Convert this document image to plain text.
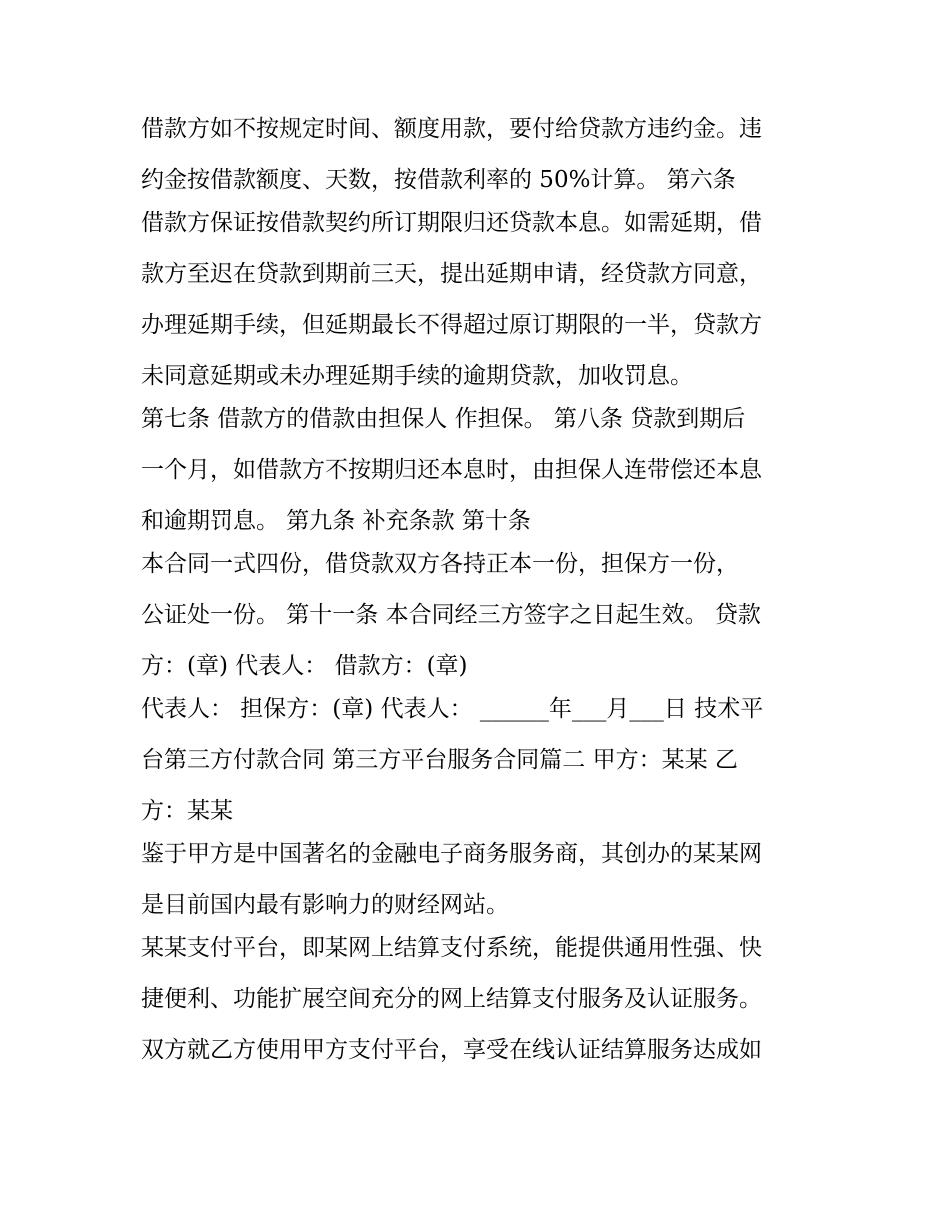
借款方如不按规定时间、额度用款，要付给贷款方违约金。违
约金按借款额度、天数，按借款利率的 50%计算。 第六条
借款方保证按借款契约所订期限归还贷款本息。如需延期，借
款方至迟在贷款到期前三天，提出延期申请，经贷款方同意，
办理延期手续，但延期最长不得超过原订期限的一半，贷款方
未同意延期或未办理延期手续的逾期贷款，加收罚息。
第七条 借款方的借款由担保人 作担保。 第八条 贷款到期后
一个月，如借款方不按期归还本息时，由担保人连带偿还本息
和逾期罚息。 第九条 补充条款 第十条
本合同一式四份，借贷款双方各持正本一份，担保方一份，
公证处一份。 第十一条 本合同经三方签字之日起生效。 贷款
方：(章) 代表人： 借款方：(章)
代表人： 担保方：(章) 代表人： ______年___月___日 技术平
台第三方付款合同 第三方平台服务合同篇二 甲方：某某 乙
方：某某
鉴于甲方是中国著名的金融电子商务服务商，其创办的某某网
是目前国内最有影响力的财经网站。
某某支付平台，即某网上结算支付系统，能提供通用性强、快
捷便利、功能扩展空间充分的网上结算支付服务及认证服务。
双方就乙方使用甲方支付平台，享受在线认证结算服务达成如
